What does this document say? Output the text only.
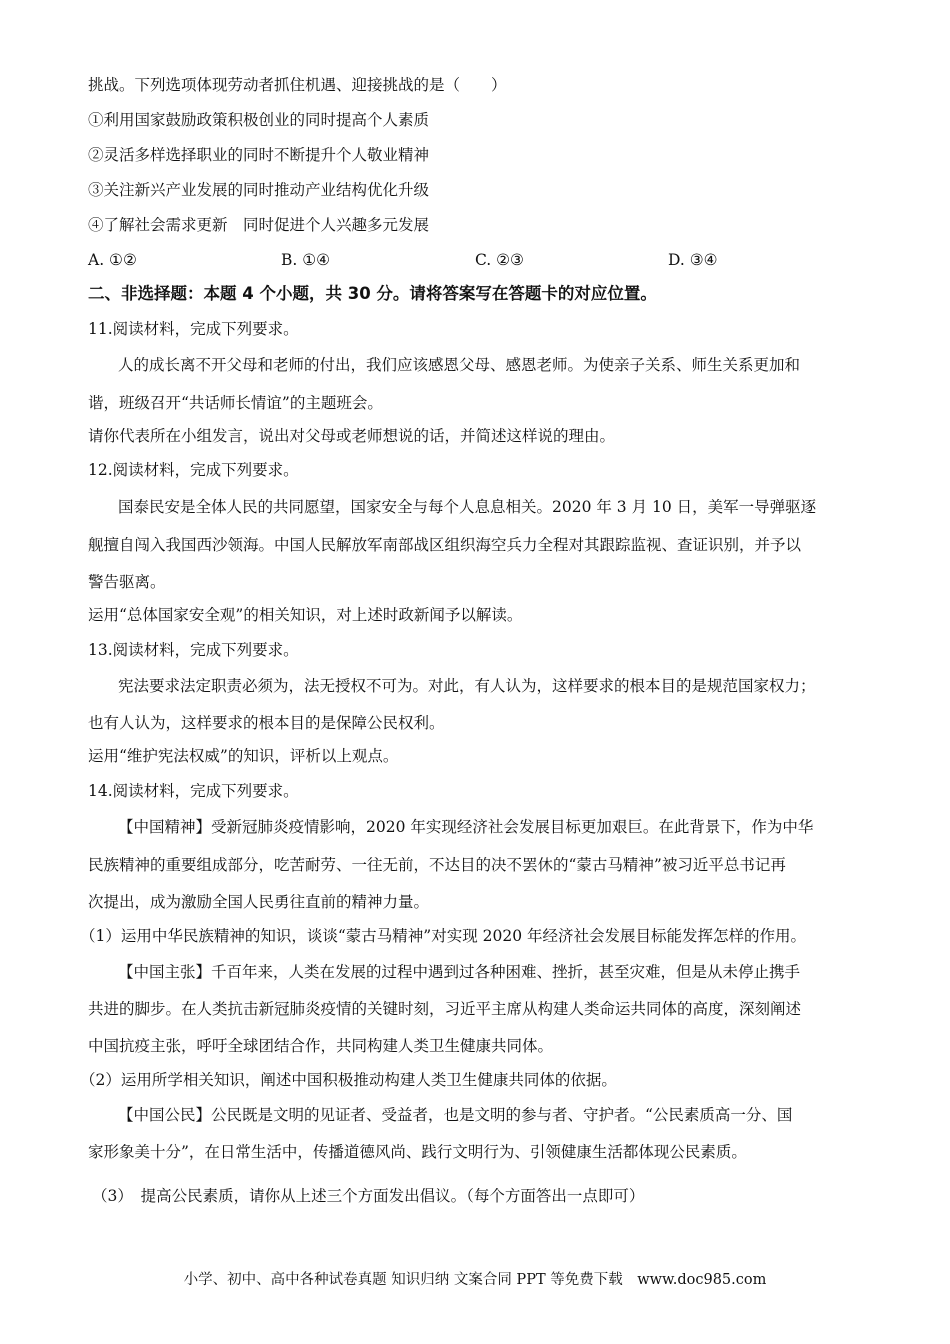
挑战。下列选项体现劳动者抓住机遇、迎接挑战的是（　　）

①利用国家鼓励政策积极创业的同时提高个人素质

②灵活多样选择职业的同时不断提升个人敬业精神

③关注新兴产业发展的同时推动产业结构优化升级

④了解社会需求更新　同时促进个人兴趣多元发展

A. ①②	B. ①④	C. ②③	D. ③④

二、非选择题：本题 4 个小题，共 30 分。请将答案写在答题卡的对应位置。

11.阅读材料，完成下列要求。

人的成长离不开父母和老师的付出，我们应该感恩父母、感恩老师。为使亲子关系、师生关系更加和

谐，班级召开“共话师长情谊”的主题班会。

请你代表所在小组发言，说出对父母或老师想说的话，并简述这样说的理由。

12.阅读材料，完成下列要求。

国泰民安是全体人民的共同愿望，国家安全与每个人息息相关。2020 年 3 月 10 日，美军一导弹驱逐

舰擅自闯入我国西沙领海。中国人民解放军南部战区组织海空兵力全程对其跟踪监视、查证识别，并予以

警告驱离。

运用“总体国家安全观”的相关知识，对上述时政新闻予以解读。

13.阅读材料，完成下列要求。

宪法要求法定职责必须为，法无授权不可为。对此，有人认为，这样要求的根本目的是规范国家权力；

也有人认为，这样要求的根本目的是保障公民权利。

运用“维护宪法权威”的知识，评析以上观点。

14.阅读材料，完成下列要求。

【中国精神】受新冠肺炎疫情影响，2020 年实现经济社会发展目标更加艰巨。在此背景下，作为中华

民族精神的重要组成部分，吃苦耐劳、一往无前，不达目的决不罢休的“蒙古马精神”被习近平总书记再

次提出，成为激励全国人民勇往直前的精神力量。

（1）运用中华民族精神的知识，谈谈“蒙古马精神”对实现 2020 年经济社会发展目标能发挥怎样的作用。

【中国主张】千百年来，人类在发展的过程中遇到过各种困难、挫折，甚至灾难，但是从未停止携手

共进的脚步。在人类抗击新冠肺炎疫情的关键时刻，习近平主席从构建人类命运共同体的高度，深刻阐述

中国抗疫主张，呼吁全球团结合作，共同构建人类卫生健康共同体。

（2）运用所学相关知识，阐述中国积极推动构建人类卫生健康共同体的依据。

【中国公民】公民既是文明的见证者、受益者，也是文明的参与者、守护者。“公民素质高一分、国

家形象美十分”，在日常生活中，传播道德风尚、践行文明行为、引领健康生活都体现公民素质。

（3）　提高公民素质，请你从上述三个方面发出倡议。（每个方面答出一点即可）

小学、初中、高中各种试卷真题 知识归纳 文案合同 PPT 等免费下载　www.doc985.com
